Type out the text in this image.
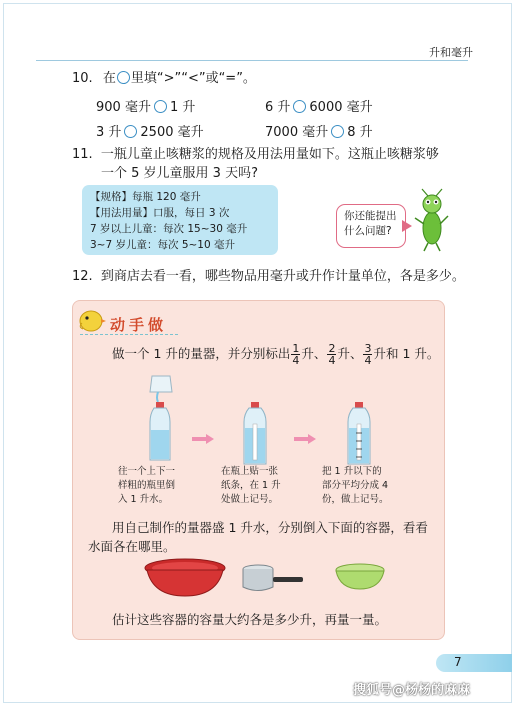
升和毫升
10. 在 里填“>”“<”或“=”。
900 毫升 1 升	6 升 6000 毫升
3 升 2500 毫升	7000 毫升 8 升
11. 一瓶儿童止咳糖浆的规格及用法用量如下。这瓶止咳糖浆够
一个 5 岁儿童服用 3 天吗?
【规格】每瓶 120 毫升
【用法用量】口服，每日 3 次
7 岁以上儿童：每次 15~30 毫升
3~7 岁儿童：每次 5~10 毫升
你还能提出
什么问题?
12. 到商店去看一看，哪些物品用毫升或升作计量单位，各是多少。
动手做
做一个 1 升的量器，并分别标出 $\frac{1}{4}$ 升、 $\frac{2}{4}$ 升、 $\frac{3}{4}$ 升和 1 升。
往一个上下一
样粗的瓶里倒
入 1 升水。
在瓶上贴一张
纸条，在 1 升
处做上记号。
把 1 升以下的
部分平均分成 4
份，做上记号。
用自己制作的量器盛 1 升水，分别倒入下面的容器，看看
水面各在哪里。
估计这些容器的容量大约各是多少升，再量一量。
7
搜狐号@杨杨的麻麻
